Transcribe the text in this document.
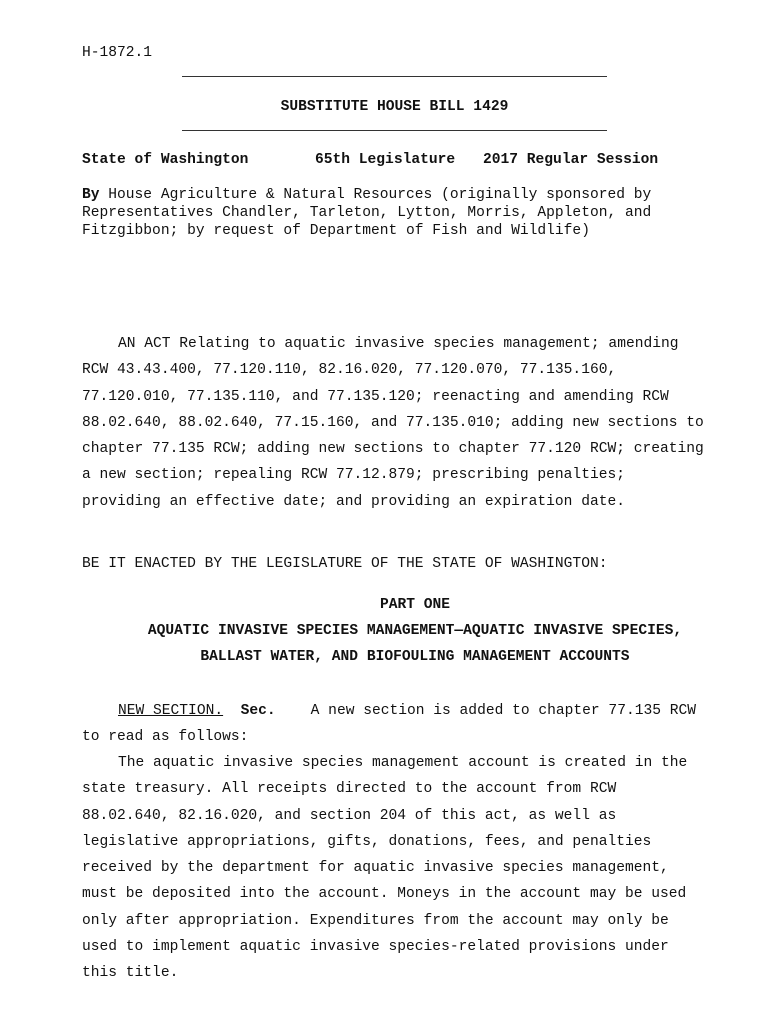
H-1872.1
SUBSTITUTE HOUSE BILL 1429

State of Washington

	65th Legislature

2017 Regular Session

By House Agriculture & Natural Resources (originally sponsored by Representatives Chandler, Tarleton, Lytton, Morris, Appleton, and Fitzgibbon; by request of Department of Fish and Wildlife)
AN ACT Relating to aquatic invasive species management; amending RCW 43.43.400, 77.120.110, 82.16.020, 77.120.070, 77.135.160, 77.120.010, 77.135.110, and 77.135.120; reenacting and amending RCW 88.02.640, 88.02.640, 77.15.160, and 77.135.010; adding new sections to chapter 77.135 RCW; adding new sections to chapter 77.120 RCW; creating a new section; repealing RCW 77.12.879; prescribing penalties; providing an effective date; and providing an expiration date.
BE IT ENACTED BY THE LEGISLATURE OF THE STATE OF WASHINGTON:
PART ONE
AQUATIC INVASIVE SPECIES MANAGEMENT—AQUATIC INVASIVE SPECIES,
BALLAST WATER, AND BIOFOULING MANAGEMENT ACCOUNTS
NEW SECTION. Sec. A new section is added to chapter 77.135 RCW to read as follows:
The aquatic invasive species management account is created in the state treasury. All receipts directed to the account from RCW 88.02.640, 82.16.020, and section 204 of this act, as well as legislative appropriations, gifts, donations, fees, and penalties received by the department for aquatic invasive species management, must be deposited into the account. Moneys in the account may be used only after appropriation. Expenditures from the account may only be used to implement aquatic invasive species-related provisions under this title.
